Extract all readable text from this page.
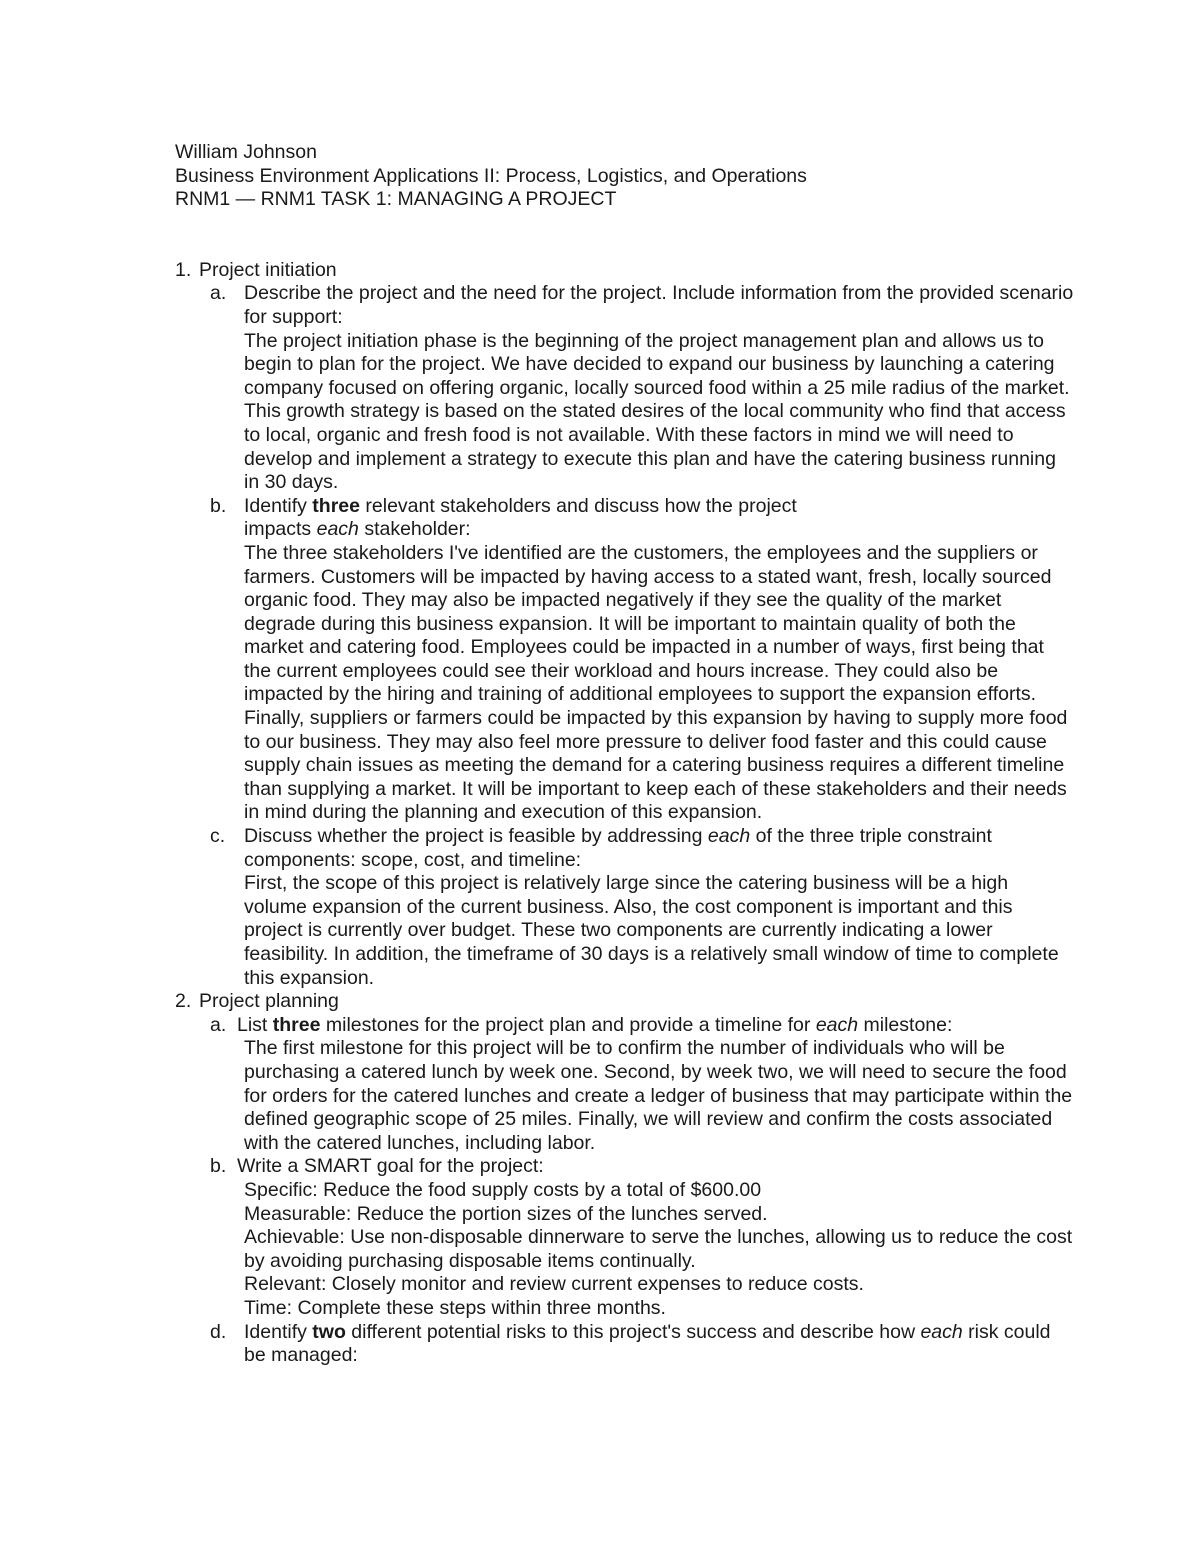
William Johnson

Business Environment Applications II: Process, Logistics, and Operations

RNM1 — RNM1 TASK 1: MANAGING A PROJECT

1. Project initiation
a. Describe the project and the need for the project. Include information from the provided scenario for support:

The project initiation phase is the beginning of the project management plan and allows us to begin to plan for the project. We have decided to expand our business by launching a catering company focused on offering organic, locally sourced food within a 25 mile radius of the market. This growth strategy is based on the stated desires of the local community who find that access to local, organic and fresh food is not available. With these factors in mind we will need to develop and implement a strategy to execute this plan and have the catering business running in 30 days.

b. Identify three relevant stakeholders and discuss how the project

impacts each stakeholder:

The three stakeholders I've identified are the customers, the employees and the suppliers or farmers. Customers will be impacted by having access to a stated want, fresh, locally sourced organic food. They may also be impacted negatively if they see the quality of the market degrade during this business expansion. It will be important to maintain quality of both the market and catering food. Employees could be impacted in a number of ways, first being that the current employees could see their workload and hours increase. They could also be impacted by the hiring and training of additional employees to support the expansion efforts. Finally, suppliers or farmers could be impacted by this expansion by having to supply more food to our business. They may also feel more pressure to deliver food faster and this could cause supply chain issues as meeting the demand for a catering business requires a different timeline than supplying a market. It will be important to keep each of these stakeholders and their needs in mind during the planning and execution of this expansion.

c. Discuss whether the project is feasible by addressing each of the three triple constraint components: scope, cost, and timeline:

First, the scope of this project is relatively large since the catering business will be a high volume expansion of the current business. Also, the cost component is important and this project is currently over budget. These two components are currently indicating a lower feasibility. In addition, the timeframe of 30 days is a relatively small window of time to complete this expansion.

2. Project planning
a. List three milestones for the project plan and provide a timeline for each milestone:

The first milestone for this project will be to confirm the number of individuals who will be purchasing a catered lunch by week one. Second, by week two, we will need to secure the food for orders for the catered lunches and create a ledger of business that may participate within the defined geographic scope of 25 miles. Finally, we will review and confirm the costs associated with the catered lunches, including labor.

b. Write a SMART goal for the project:

Specific: Reduce the food supply costs by a total of $600.00

Measurable: Reduce the portion sizes of the lunches served.

Achievable: Use non-disposable dinnerware to serve the lunches, allowing us to reduce the cost by avoiding purchasing disposable items continually.

Relevant: Closely monitor and review current expenses to reduce costs.

Time: Complete these steps within three months.

d. Identify two different potential risks to this project's success and describe how each risk could be managed:
